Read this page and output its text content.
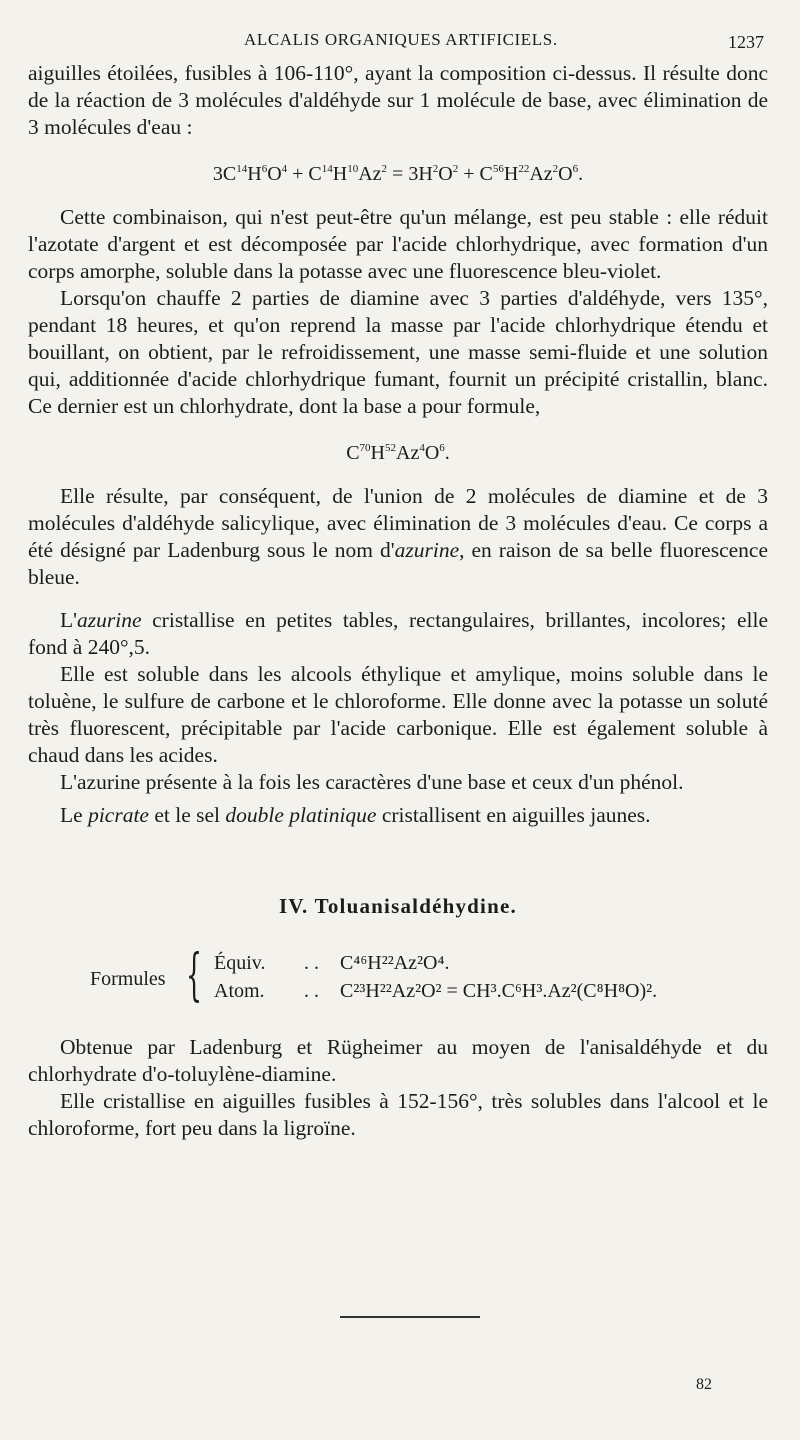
ALCALIS ORGANIQUES ARTIFICIELS.	1237

aiguilles étoilées, fusibles à 106-110°, ayant la composition ci-dessus. Il résulte donc de la réaction de 3 molécules d'aldéhyde sur 1 molécule de base, avec élimination de 3 molécules d'eau :

$3C^{14}H^6O^4 + C^{14}H^{10}Az^2 = 3H^2O^2 + C^{56}H^{22}Az^2O^6$.

Cette combinaison, qui n'est peut-être qu'un mélange, est peu stable : elle réduit l'azotate d'argent et est décomposée par l'acide chlorhydrique, avec formation d'un corps amorphe, soluble dans la potasse avec une fluorescence bleu-violet.

Lorsqu'on chauffe 2 parties de diamine avec 3 parties d'aldéhyde, vers 135°, pendant 18 heures, et qu'on reprend la masse par l'acide chlorhydrique étendu et bouillant, on obtient, par le refroidissement, une masse semi-fluide et une solution qui, additionnée d'acide chlorhydrique fumant, fournit un précipité cristallin, blanc. Ce dernier est un chlorhydrate, dont la base a pour formule,

$C^{70}H^{52}Az^4O^6$.

Elle résulte, par conséquent, de l'union de 2 molécules de diamine et de 3 molécules d'aldéhyde salicylique, avec élimination de 3 molécules d'eau. Ce corps a été désigné par Ladenburg sous le nom d'azurine, en raison de sa belle fluorescence bleue.

L'azurine cristallise en petites tables, rectangulaires, brillantes, incolores; elle fond à 240°,5.

Elle est soluble dans les alcools éthylique et amylique, moins soluble dans le toluène, le sulfure de carbone et le chloroforme. Elle donne avec la potasse un soluté très fluorescent, précipitable par l'acide carbonique. Elle est également soluble à chaud dans les acides.

L'azurine présente à la fois les caractères d'une base et ceux d'un phénol.

Le picrate et le sel double platinique cristallisent en aiguilles jaunes.

IV. Toluanisaldéhydine.
Formules { Équiv. . . C⁴⁶H²²Az²O⁴.
Atom. . . C²³H²²Az²O² = CH³.C⁶H³.Az²(C⁸H⁸O)².

Obtenue par Ladenburg et Rügheimer au moyen de l'anisaldéhyde et du chlorhydrate d'o-toluylène-diamine.

Elle cristallise en aiguilles fusibles à 152-156°, très solubles dans l'alcool et le chloroforme, fort peu dans la ligroïne.

82
